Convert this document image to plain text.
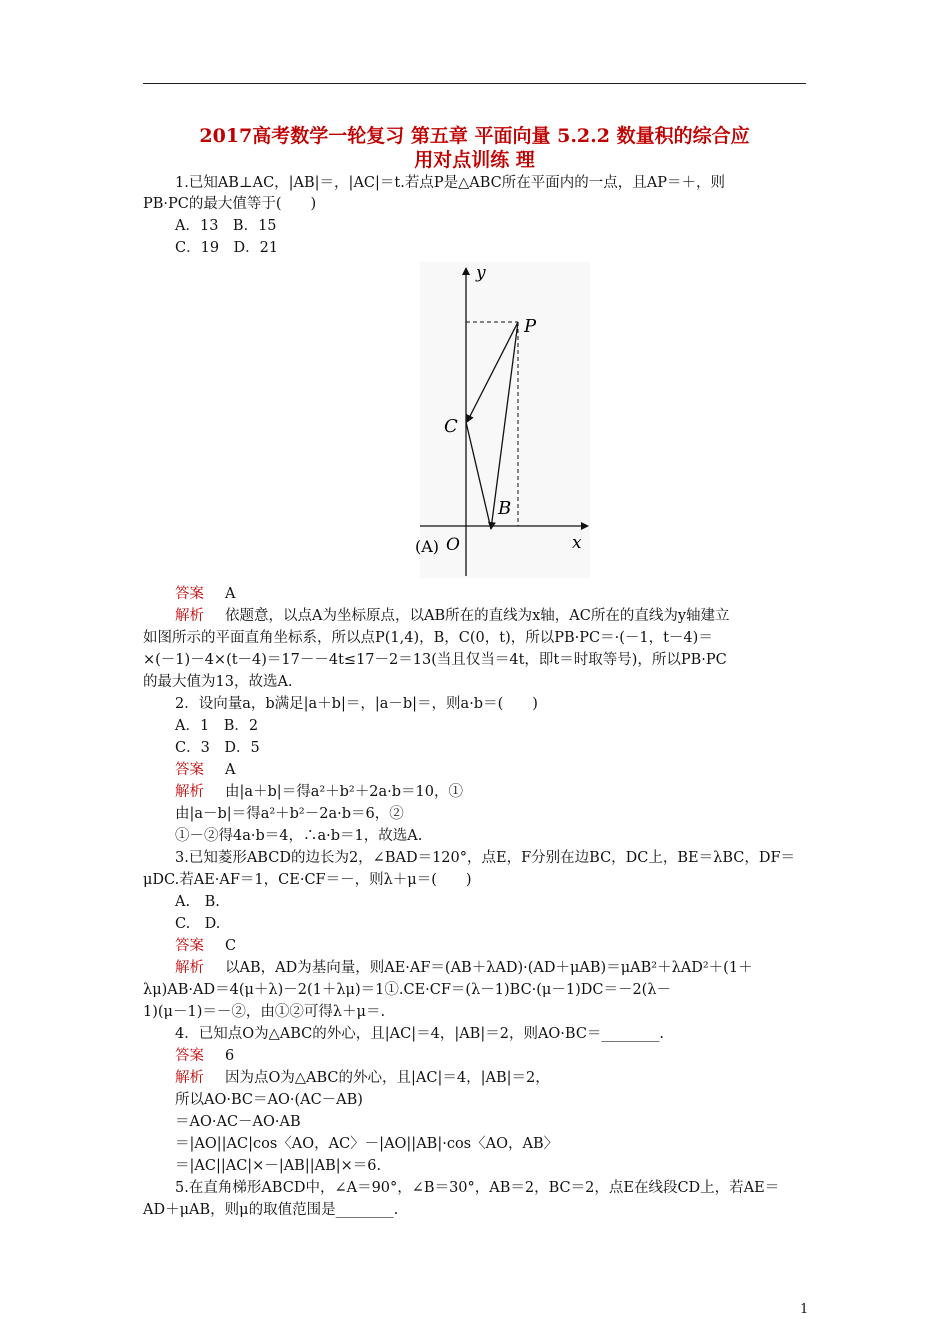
2017高考数学一轮复习 第五章 平面向量 5.2.2 数量积的综合应
用对点训练 理
1.已知AB⊥AC，|AB|＝，|AC|＝t.若点P是△ABC所在平面内的一点，且AP＝＋，则
PB·PC的最大值等于(　　)
A．13　B．15
C．19　D．21
y
x
O
(A)
P
C
B
答案 A
解析 依题意，以点A为坐标原点，以AB所在的直线为x轴，AC所在的直线为y轴建立
如图所示的平面直角坐标系，所以点P(1,4)，B，C(0，t)，所以PB·PC＝·(－1，t－4)＝
×(－1)－4×(t－4)＝17－－4t≤17－2＝13(当且仅当＝4t，即t＝时取等号)，所以PB·PC
的最大值为13，故选A.
2．设向量a，b满足|a＋b|＝，|a－b|＝，则a·b＝(　　)
A．1　B．2
C．3　D．5
答案 A
解析 由|a＋b|＝得a²＋b²＋2a·b＝10，①
由|a－b|＝得a²＋b²－2a·b＝6，②
①－②得4a·b＝4，∴a·b＝1，故选A.
3.已知菱形ABCD的边长为2，∠BAD＝120°，点E，F分别在边BC，DC上，BE＝λBC，DF＝
μDC.若AE·AF＝1，CE·CF＝－，则λ＋μ＝(　　)
A.　B.
C.　D.
答案 C
解析 以AB，AD为基向量，则AE·AF＝(AB＋λAD)·(AD＋μAB)＝μAB²＋λAD²＋(1＋
λμ)AB·AD＝4(μ＋λ)－2(1＋λμ)＝1①.CE·CF＝(λ－1)BC·(μ－1)DC＝－2(λ－
1)(μ－1)＝－②，由①②可得λ＋μ＝.
4．已知点O为△ABC的外心，且|AC|＝4，|AB|＝2，则AO·BC＝________.
答案 6
解析 因为点O为△ABC的外心，且|AC|＝4，|AB|＝2，
所以AO·BC＝AO·(AC－AB)
＝AO·AC－AO·AB
＝|AO||AC|cos〈AO，AC〉－|AO||AB|·cos〈AO，AB〉
＝|AC||AC|×－|AB||AB|×＝6.
5.在直角梯形ABCD中，∠A＝90°，∠B＝30°，AB＝2，BC＝2，点E在线段CD上，若AE＝
AD＋μAB，则μ的取值范围是________.
1
